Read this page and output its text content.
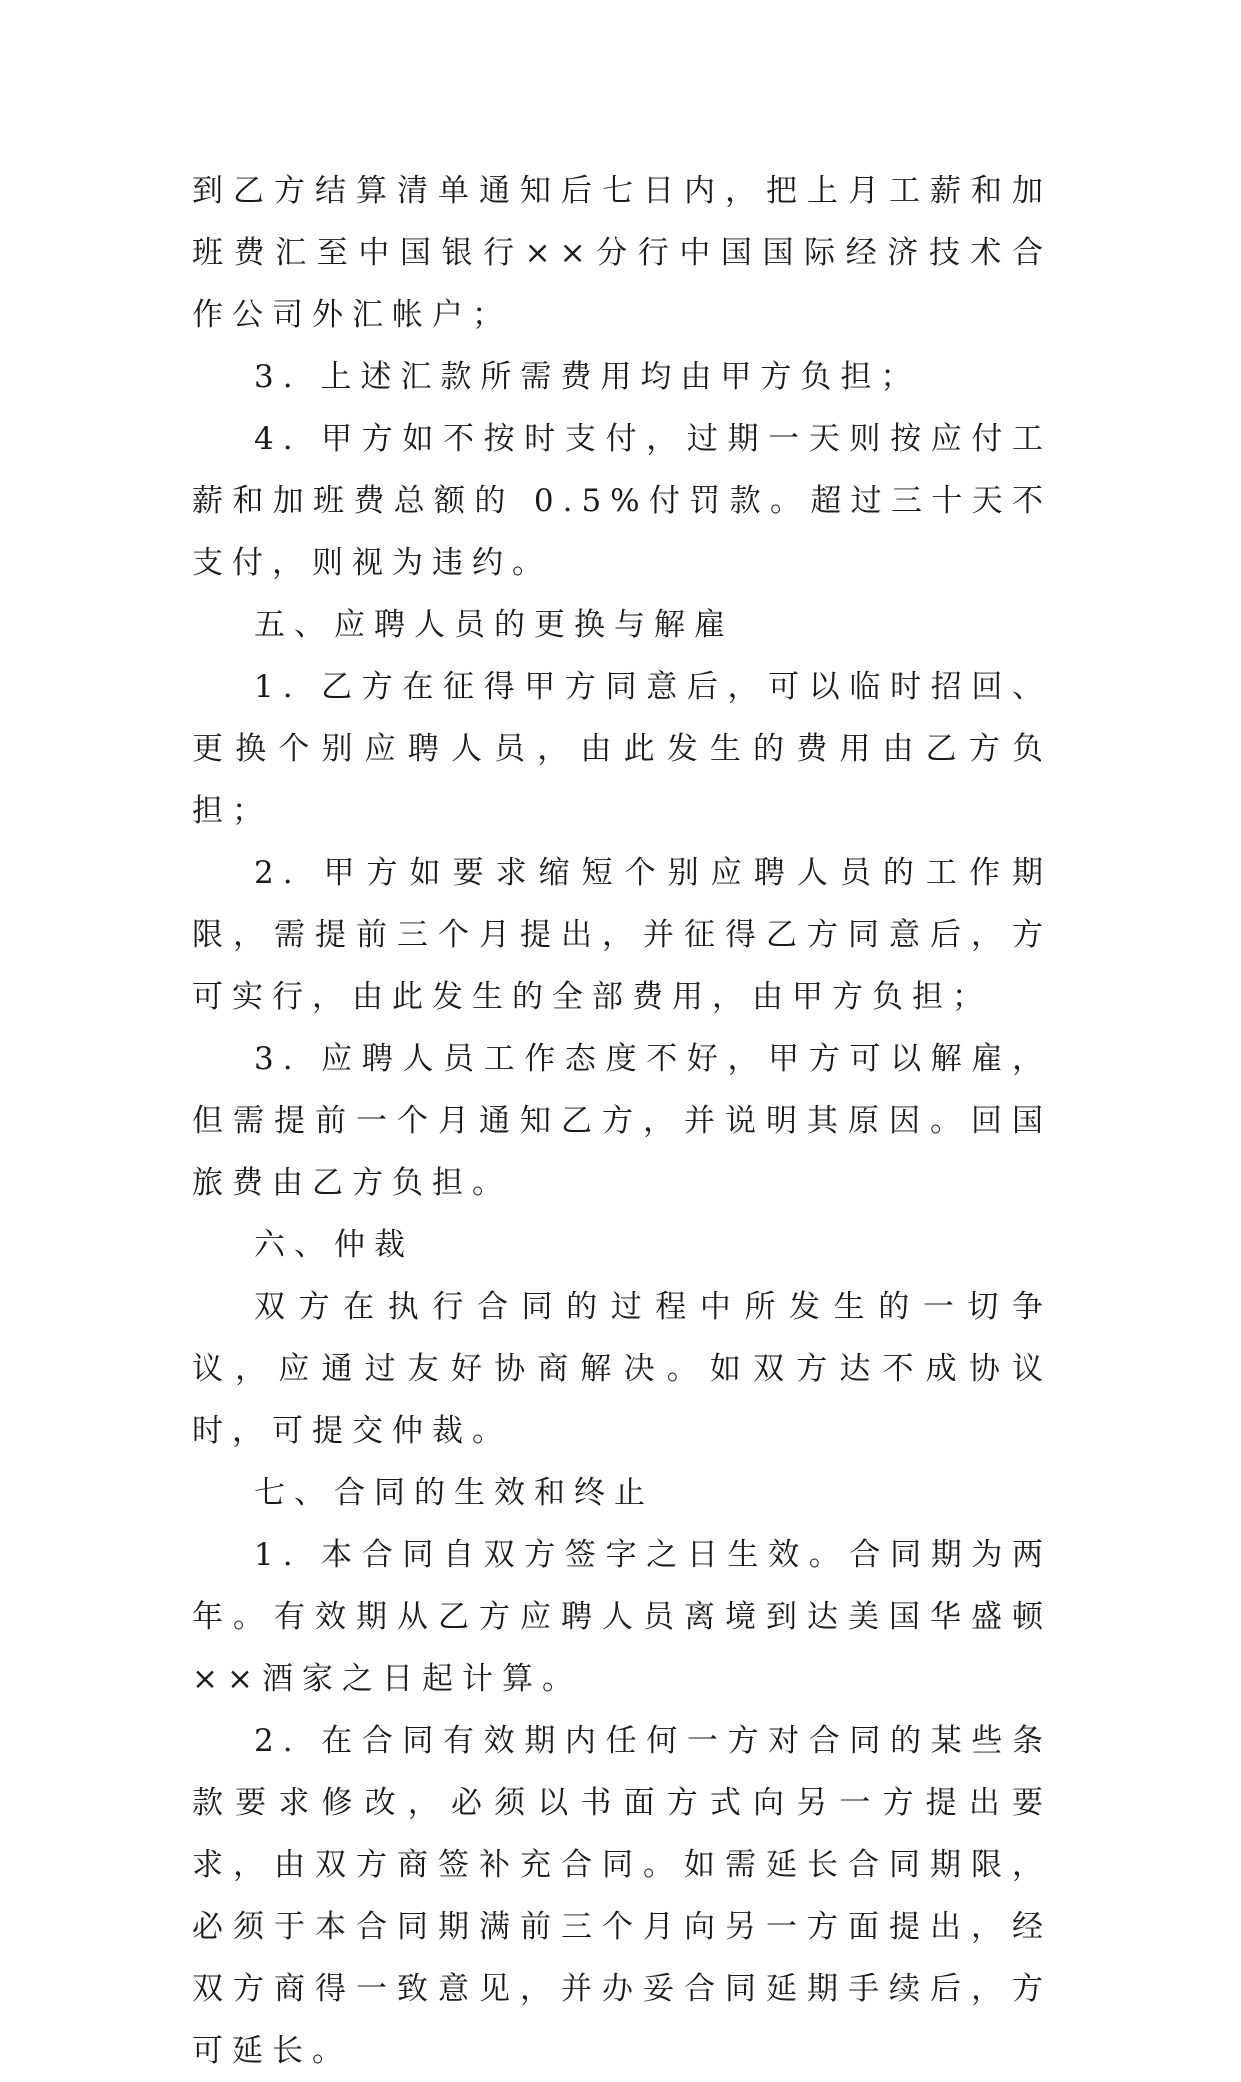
到乙方结算清单通知后七日内，把上月工薪和加班费汇至中国银行××分行中国国际经济技术合作公司外汇帐户；

3. 上述汇款所需费用均由甲方负担；

4. 甲方如不按时支付，过期一天则按应付工薪和加班费总额的 0.5%付罚款。超过三十天不支付，则视为违约。

五、应聘人员的更换与解雇

1. 乙方在征得甲方同意后，可以临时招回、更换个别应聘人员，由此发生的费用由乙方负担；

2. 甲方如要求缩短个别应聘人员的工作期限，需提前三个月提出，并征得乙方同意后，方可实行，由此发生的全部费用，由甲方负担；

3. 应聘人员工作态度不好，甲方可以解雇，但需提前一个月通知乙方，并说明其原因。回国旅费由乙方负担。

六、仲裁

双方在执行合同的过程中所发生的一切争议，应通过友好协商解决。如双方达不成协议时，可提交仲裁。

七、合同的生效和终止

1. 本合同自双方签字之日生效。合同期为两年。有效期从乙方应聘人员离境到达美国华盛顿××酒家之日起计算。

2. 在合同有效期内任何一方对合同的某些条款要求修改，必须以书面方式向另一方提出要求，由双方商签补充合同。如需延长合同期限，必须于本合同期满前三个月向另一方面提出，经双方商得一致意见，并办妥合同延期手续后，方可延长。
